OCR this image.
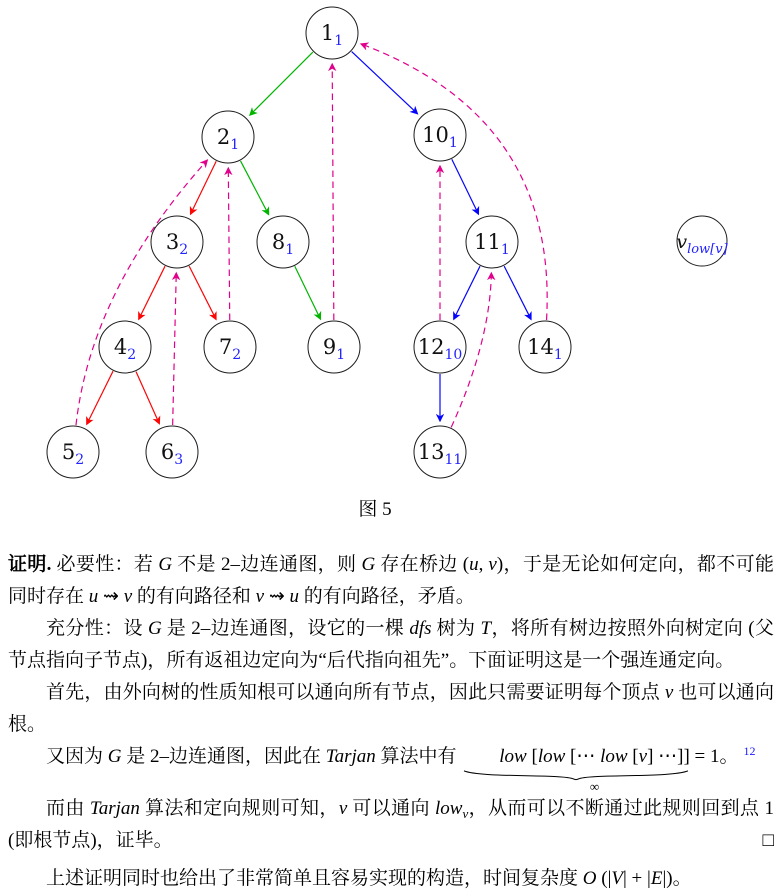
$1_1$
$2_1$	$10_1$
$3_2$	$8_1$	$11_1$
$4_2$	$7_2$	$9_1$	$12_{10}$	$14_1$
$5_2$	$6_3$	$13_{11}$
$v_{low[v]}$
图 5

证明. 必要性：若 G 不是 2–边连通图，则 G 存在桥边 (u, v)，于是无论如何定向，都不可能同时存在 u ⇝ v 的有向路径和 v ⇝ u 的有向路径，矛盾。

充分性：设 G 是 2–边连通图，设它的一棵 dfs 树为 T，将所有树边按照外向树定向 (父节点指向子节点)，所有返祖边定向为“后代指向祖先”。下面证明这是一个强连通定向。

首先，由外向树的性质知根可以通向所有节点，因此只需要证明每个顶点 v 也可以通向根。

又因为 G 是 2–边连通图，因此在 Tarjan 算法中有 low [low [⋯ low [v] ⋯]]
∞
= 1。 $^{12}$

而由 Tarjan 算法和定向规则可知，v 可以通向 low$_v$，从而可以不断通过此规则回到点 1 (即根节点)，证毕。	□

上述证明同时也给出了非常简单且容易实现的构造，时间复杂度 O (|V| + |E|)。
